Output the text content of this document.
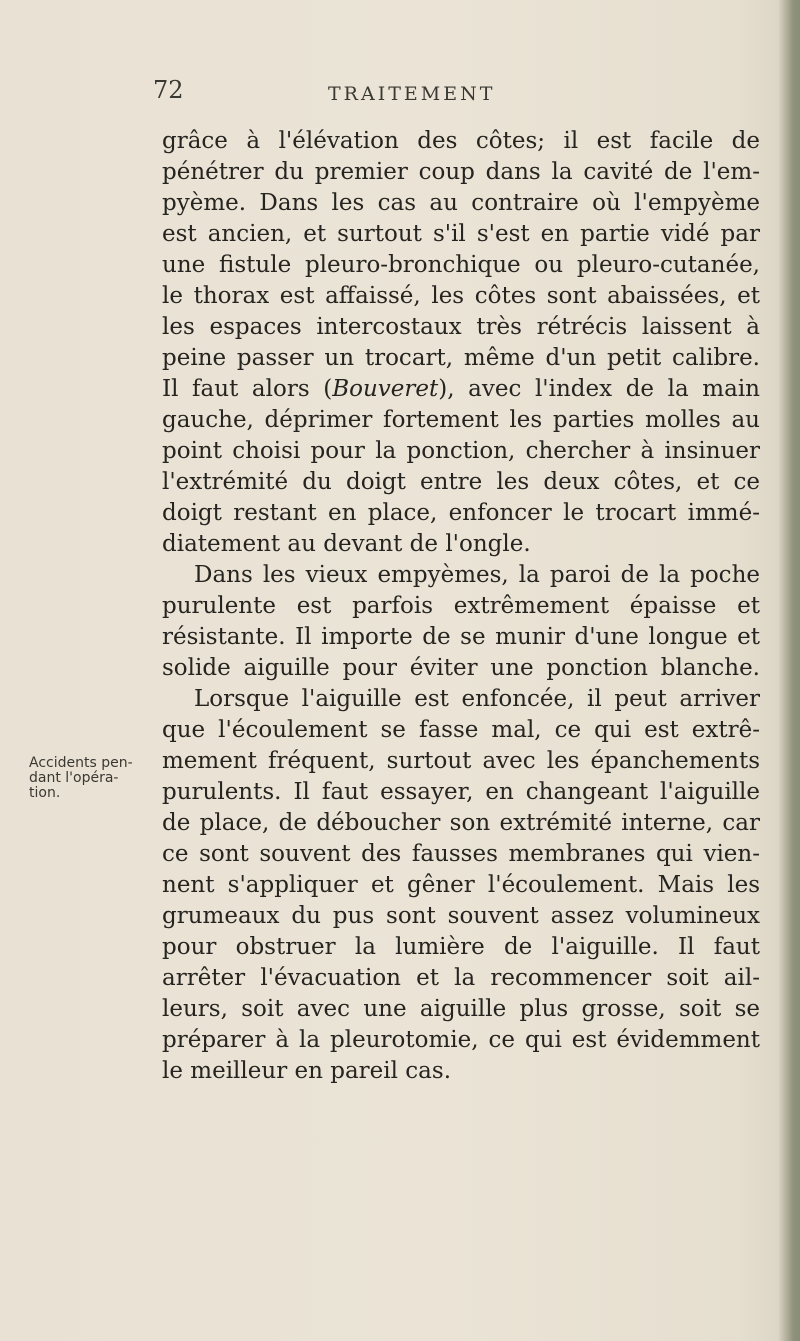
72	TRAITEMENT
Accidents pen-
dant l'opéra-
tion.
grâce à l'élévation des côtes; il est facile de
pénétrer du premier coup dans la cavité de l'em-
pyème. Dans les cas au contraire où l'empyème
est ancien, et surtout s'il s'est en partie vidé par
une fistule pleuro-bronchique ou pleuro-cutanée,
le thorax est affaissé, les côtes sont abaissées, et
les espaces intercostaux très rétrécis laissent à
peine passer un trocart, même d'un petit calibre.
Il faut alors (Bouveret), avec l'index de la main
gauche, déprimer fortement les parties molles au
point choisi pour la ponction, chercher à insinuer
l'extrémité du doigt entre les deux côtes, et ce
doigt restant en place, enfoncer le trocart immé-
diatement au devant de l'ongle.
Dans les vieux empyèmes, la paroi de la poche
purulente est parfois extrêmement épaisse et
résistante. Il importe de se munir d'une longue et
solide aiguille pour éviter une ponction blanche.
Lorsque l'aiguille est enfoncée, il peut arriver
que l'écoulement se fasse mal, ce qui est extrê-
mement fréquent, surtout avec les épanchements
purulents. Il faut essayer, en changeant l'aiguille
de place, de déboucher son extrémité interne, car
ce sont souvent des fausses membranes qui vien-
nent s'appliquer et gêner l'écoulement. Mais les
grumeaux du pus sont souvent assez volumineux
pour obstruer la lumière de l'aiguille. Il faut
arrêter l'évacuation et la recommencer soit ail-
leurs, soit avec une aiguille plus grosse, soit se
préparer à la pleurotomie, ce qui est évidemment
le meilleur en pareil cas.
